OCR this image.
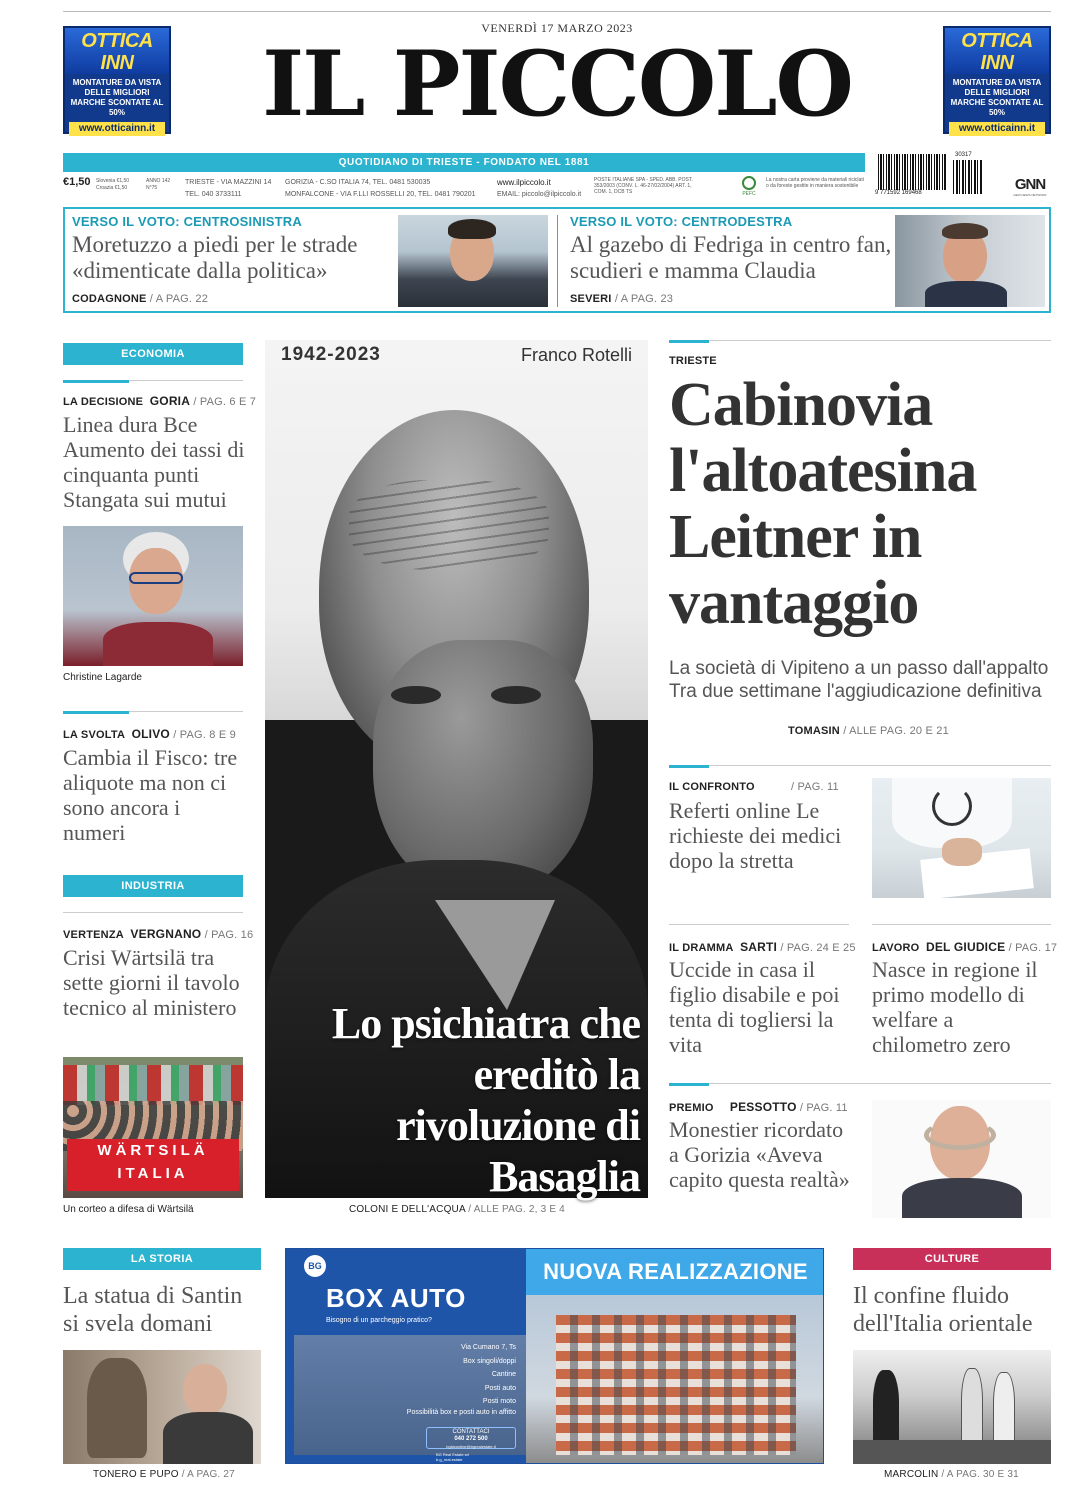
OTTICA INN
MONTATURE DA VISTA DELLE MIGLIORI MARCHE SCONTATE AL 50%
www.otticainn.it
VENERDÌ 17 MARZO 2023
IL PICCOLO	OTTICA INN
MONTATURE DA VISTA DELLE MIGLIORI MARCHE SCONTATE AL 50%
www.otticainn.it
QUOTIDIANO DI TRIESTE - FONDATO NEL 1881
€1,50 Slovenia €1,50 Croazia €1,50
ANNO 142 N°75
TRIESTE - VIA MAZZINI 14
TEL. 040 3733111
GORIZIA - C.SO ITALIA 74, TEL. 0481 530035
MONFALCONE - VIA F.LLI ROSSELLI 20, TEL. 0481 790201
www.ilpiccolo.it
EMAIL: piccolo@ilpiccolo.it
POSTE ITALIANE SPA - SPED. ABB. POST. 353/2003 (CONV. L. 46-27/02/2004) ART. 1, COM. 1, DCB TS	PEFC
La nostra carta proviene da materiali riciclati o da foreste gestite in maniera sostenibile
30317
9 771592 169468	GNN
GEDI NEWS NETWORK
VERSO IL VOTO: CENTROSINISTRA
Moretuzzo a piedi per le strade «dimenticate dalla politica»
CODAGNONE / A PAG. 22
VERSO IL VOTO: CENTRODESTRA
Al gazebo di Fedriga in centro fan, scudieri e mamma Claudia
SEVERI / A PAG. 23
ECONOMIA
LA DECISIONE GORIA / PAG. 6 E 7
Linea dura Bce Aumento dei tassi di cinquanta punti Stangata sui mutui
Christine Lagarde
LA SVOLTA OLIVO / PAG. 8 E 9
Cambia il Fisco: tre aliquote ma non ci sono ancora i numeri
INDUSTRIA
VERTENZA VERGNANO / PAG. 16
Crisi Wärtsilä tra sette giorni il tavolo tecnico al ministero
WÄRTSILÄ
ITALIA
Un corteo a difesa di Wärtsilä
1942-2023	Franco Rotelli
Lo psichiatra che ereditò la rivoluzione di Basaglia
COLONI E DELL'ACQUA / ALLE PAG. 2, 3 E 4
TRIESTE
Cabinovia l'altoatesina Leitner in vantaggio
La società di Vipiteno a un passo dall'appalto Tra due settimane l'aggiudicazione definitiva
TOMASIN / ALLE PAG. 20 E 21
IL CONFRONTO	/ PAG. 11
Referti online Le richieste dei medici dopo la stretta
IL DRAMMA SARTI / PAG. 24 E 25
Uccide in casa il figlio disabile e poi tenta di togliersi la vita
LAVORO DEL GIUDICE / PAG. 17
Nasce in regione il primo modello di welfare a chilometro zero
PREMIO PESSOTTO / PAG. 11
Monestier ricordato a Gorizia «Aveva capito questa realtà»
LA STORIA
La statua di Santin si svela domani
TONERO E PUPO / A PAG. 27
BG
BOX AUTO
Bisogno di un parcheggio pratico?
Via Cumano 7, Ts
Box singoli/doppi
Cantine
Posti auto
Posti moto
Possibilità box e posti auto in affitto
CONTATTACI
040 272 500
bgbizonline@bgrealestate.it
BG Real Estate srl
b.g_real.estate
NUOVA REALIZZAZIONE	CULTURE
Il confine fluido dell'Italia orientale
MARCOLIN / A PAG. 30 E 31
